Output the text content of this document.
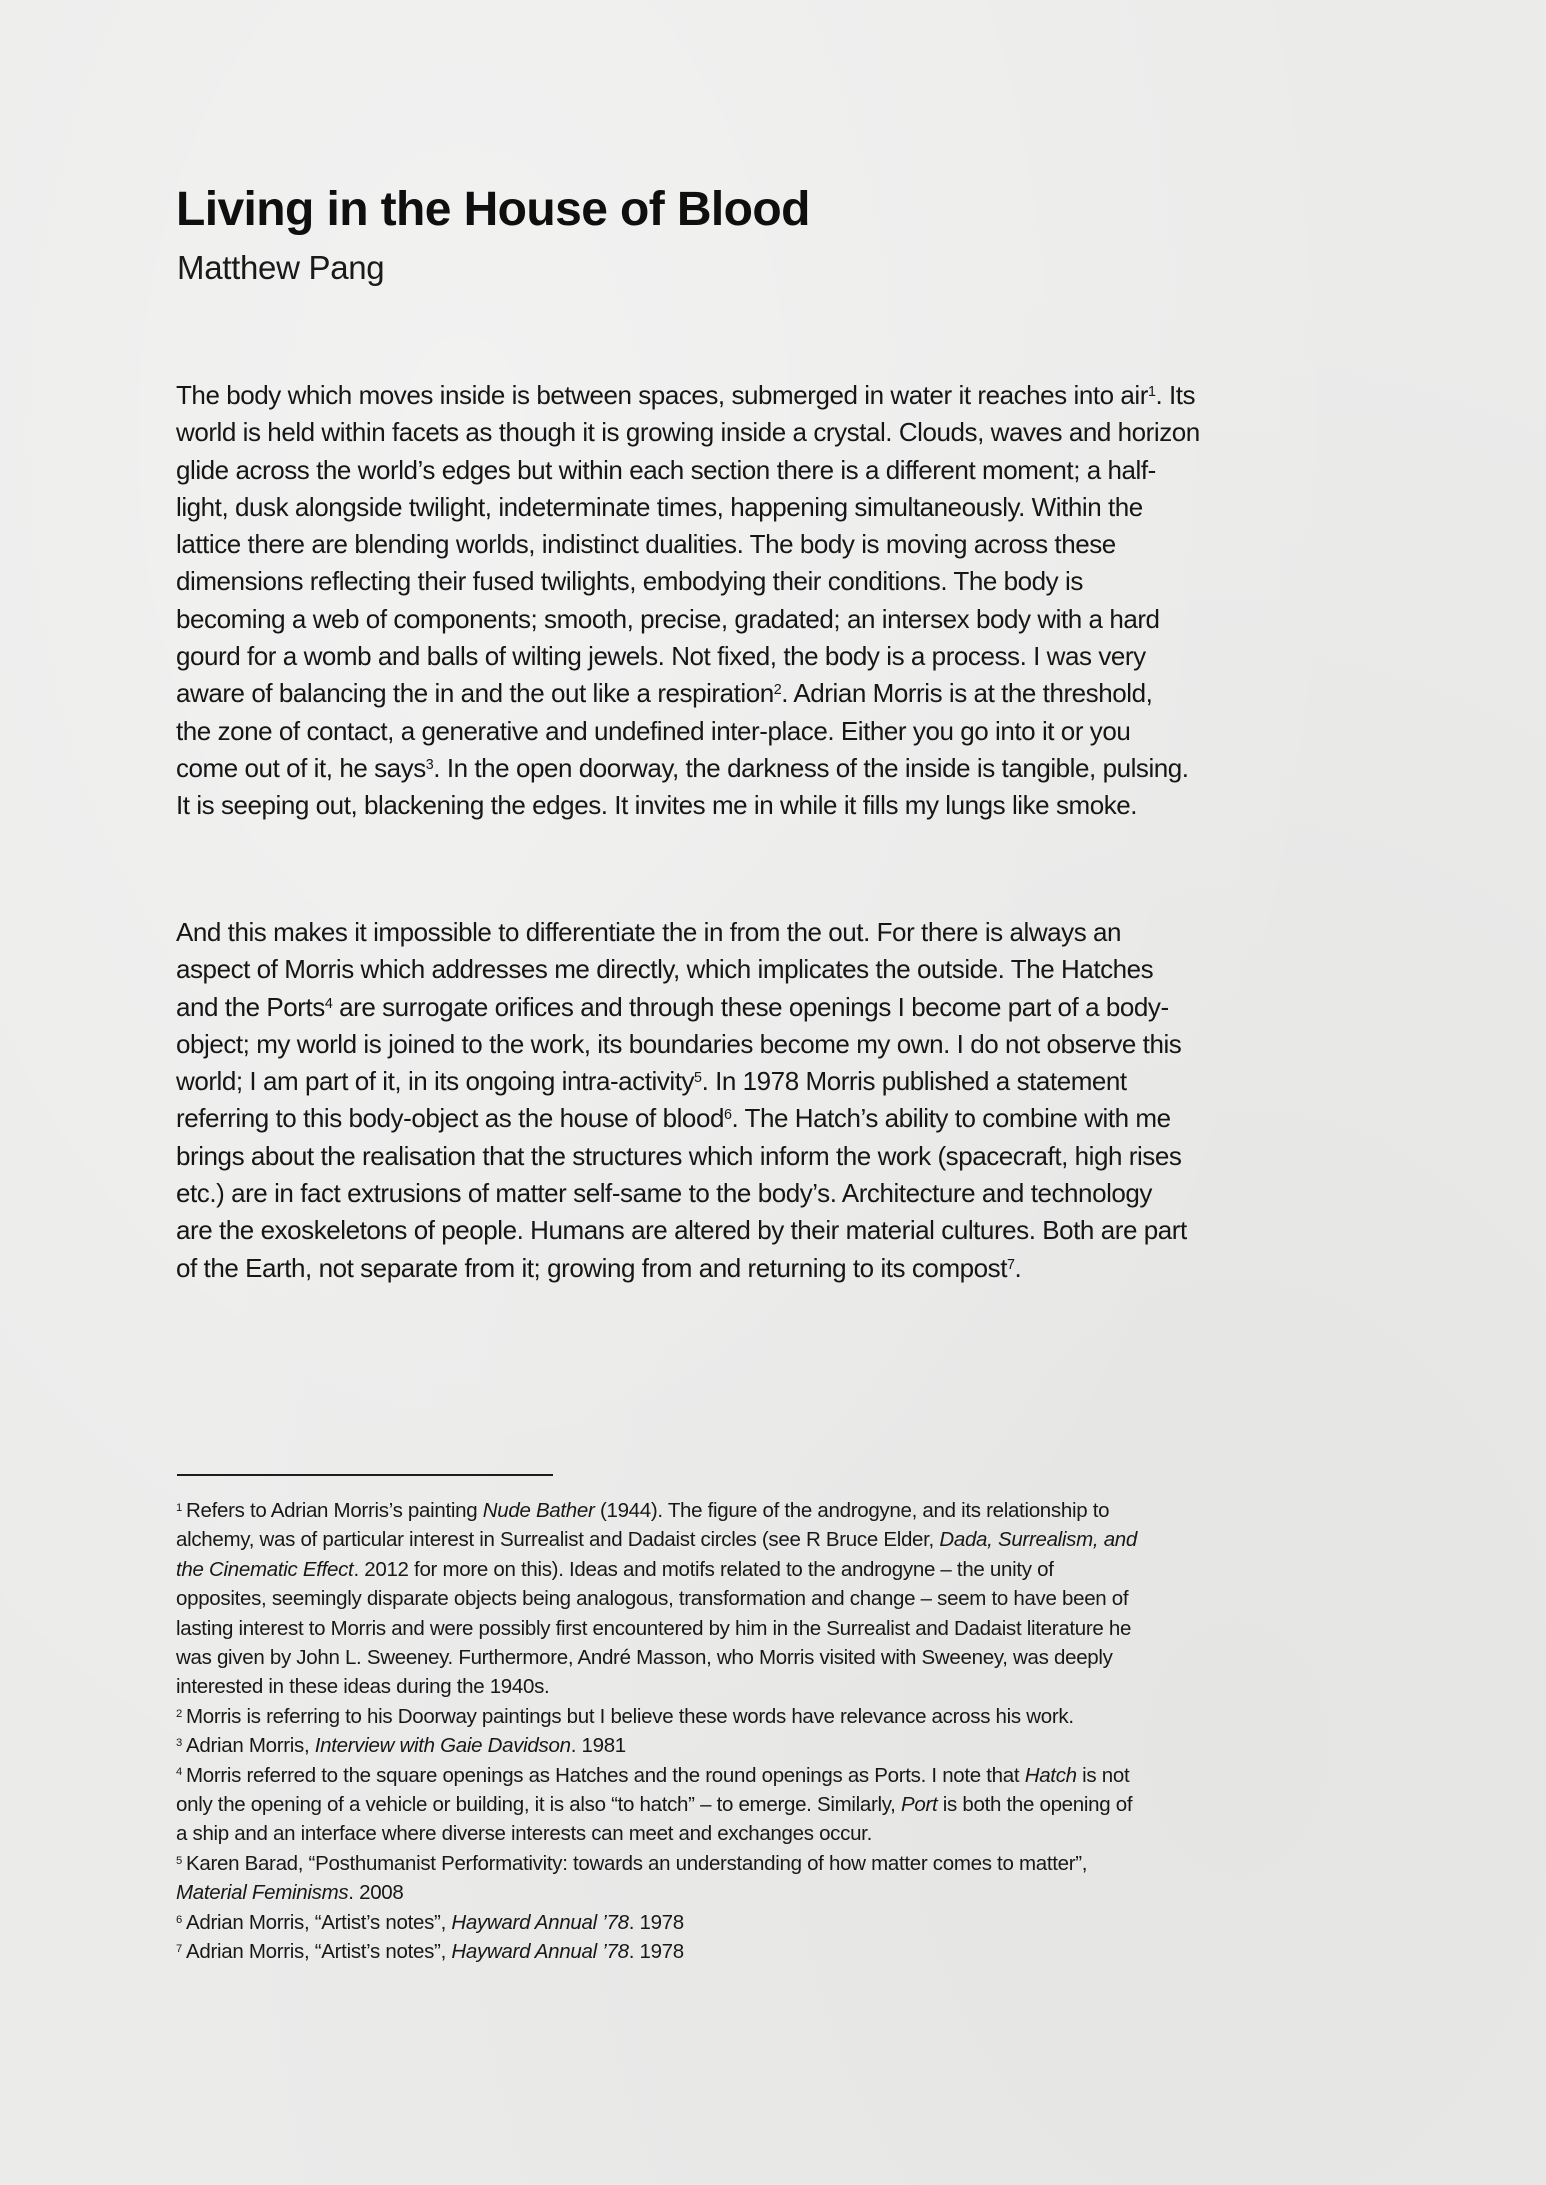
Living in the House of Blood
Matthew Pang

The body which moves inside is between spaces, submerged in water it reaches into air$^1$. Its
world is held within facets as though it is growing inside a crystal. Clouds, waves and horizon
glide across the world’s edges but within each section there is a different moment; a half-
light, dusk alongside twilight, indeterminate times, happening simultaneously. Within the
lattice there are blending worlds, indistinct dualities. The body is moving across these
dimensions reflecting their fused twilights, embodying their conditions. The body is
becoming a web of components; smooth, precise, gradated; an intersex body with a hard
gourd for a womb and balls of wilting jewels. Not fixed, the body is a process. I was very
aware of balancing the in and the out like a respiration$^2$. Adrian Morris is at the threshold,
the zone of contact, a generative and undefined inter-place. Either you go into it or you
come out of it, he says$^3$. In the open doorway, the darkness of the inside is tangible, pulsing.
It is seeping out, blackening the edges. It invites me in while it fills my lungs like smoke.

And this makes it impossible to differentiate the in from the out. For there is always an
aspect of Morris which addresses me directly, which implicates the outside. The Hatches
and the Ports$^4$ are surrogate orifices and through these openings I become part of a body-
object; my world is joined to the work, its boundaries become my own. I do not observe this
world; I am part of it, in its ongoing intra-activity$^5$. In 1978 Morris published a statement
referring to this body-object as the house of blood$^6$. The Hatch’s ability to combine with me
brings about the realisation that the structures which inform the work (spacecraft, high rises
etc.) are in fact extrusions of matter self-same to the body’s. Architecture and technology
are the exoskeletons of people. Humans are altered by their material cultures. Both are part
of the Earth, not separate from it; growing from and returning to its compost$^7$.

$^1$ Refers to Adrian Morris’s painting Nude Bather (1944). The figure of the androgyne, and its relationship to
alchemy, was of particular interest in Surrealist and Dadaist circles (see R Bruce Elder, Dada, Surrealism, and
the Cinematic Effect. 2012 for more on this). Ideas and motifs related to the androgyne – the unity of
opposites, seemingly disparate objects being analogous, transformation and change – seem to have been of
lasting interest to Morris and were possibly first encountered by him in the Surrealist and Dadaist literature he
was given by John L. Sweeney. Furthermore, André Masson, who Morris visited with Sweeney, was deeply
interested in these ideas during the 1940s.
$^2$ Morris is referring to his Doorway paintings but I believe these words have relevance across his work.
$^3$ Adrian Morris, Interview with Gaie Davidson. 1981
$^4$ Morris referred to the square openings as Hatches and the round openings as Ports. I note that Hatch is not
only the opening of a vehicle or building, it is also “to hatch” – to emerge. Similarly, Port is both the opening of
a ship and an interface where diverse interests can meet and exchanges occur.
$^5$ Karen Barad, “Posthumanist Performativity: towards an understanding of how matter comes to matter”,
Material Feminisms. 2008
$^6$ Adrian Morris, “Artist’s notes”, Hayward Annual ’78. 1978
$^7$ Adrian Morris, “Artist’s notes”, Hayward Annual ’78. 1978
